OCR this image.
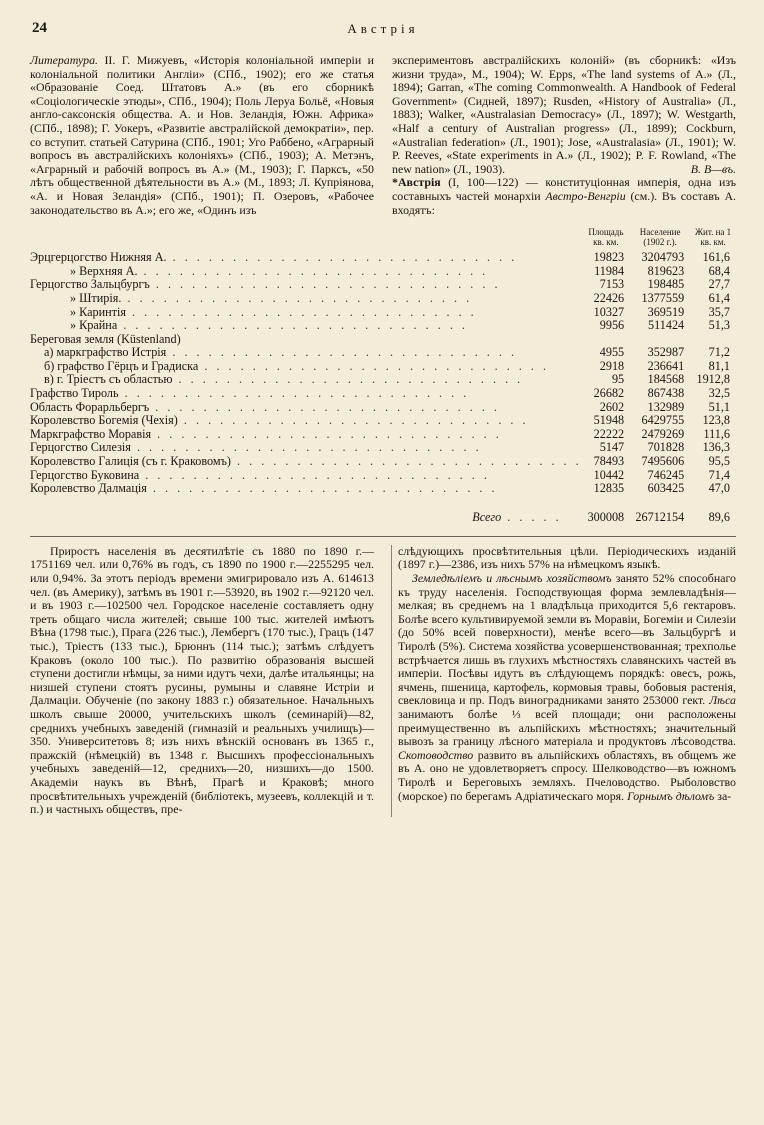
24	Австрія

Литература. II. Г. Мижуевъ, «Исторія колоніальной имперіи и колоніальной политики Англіи» (СПб., 1902); его же статья «Образованіе Соед. Штатовъ А.» (въ его сборникѣ «Соціологическіе этюды», СПб., 1904); Поль Леруа Больё, «Новыя англо-саксонскія общества. А. и Нов. Зеландія, Южн. Африка» (СПб., 1898); Г. Уокеръ, «Развитіе австралійской демократіи», пер. со вступит. статьей Сатурина (СПб., 1901; Уго Раббено, «Аграрный вопросъ въ австралійскихъ колоніяхъ» (СПб., 1903); А. Метэнъ, «Аграрный и рабочій вопросъ въ А.» (М., 1903); Г. Парксъ, «50 лѣтъ общественной дѣятельности въ А.» (М., 1893; Л. Купріянова, «А. и Новая Зеландія» (СПб., 1901); П. Озеровъ, «Рабочее законодательство въ А.»; его же, «Одинъ изъ

экспериментовъ австралійскихъ колоній» (въ сборникѣ: «Изъ жизни труда», М., 1904); W. Epps, «The land systems of A.» (Л., 1894); Garran, «The coming Commonwealth. A Handbook of Federal Government» (Сидней, 1897); Rusden, «History of Australia» (Л., 1883); Walker, «Australasian Democracy» (Л., 1897); W. Westgarth, «Half a century of Australian progress» (Л., 1899); Cockburn, «Australian federation» (Л., 1901); Jose, «Australasia» (Л., 1901); W. P. Reeves, «State experiments in A.» (Л., 1902); P. F. Rowland, «The new nation» (Л., 1903).	В. В—въ.

*Австрія (I, 100—122) — конституціонная имперія, одна изъ составныхъ частей монархіи Австро-Венгріи (см.). Въ составъ А. входятъ:

	Площадь кв. км.	Население (1902 г.).	Жит. на 1 кв. км.
Эрцгерцогство Нижняя А. . . . . . . . . . . . . . . . . . . . . . . . . . . . . .	19823	3204793	161,6
» Верхняя А. . . . . . . . . . . . . . . . . . . . . . . . . . . . . .	11984	819623	68,4
Герцогство Зальцбургъ . . . . . . . . . . . . . . . . . . . . . . . . . . . . .	7153	198485	27,7
» Штирія. . . . . . . . . . . . . . . . . . . . . . . . . . . . . .	22426	1377559	61,4
» Каринтія . . . . . . . . . . . . . . . . . . . . . . . . . . . . .	10327	369519	35,7
» Крайна . . . . . . . . . . . . . . . . . . . . . . . . . . . . .	9956	511424	51,3
Береговая земля (Küstenland)			
а) маркграфство Истрія . . . . . . . . . . . . . . . . . . . . . . . . . . . . .	4955	352987	71,2
б) графство Гёрцъ и Градиска . . . . . . . . . . . . . . . . . . . . . . . . . . . . .	2918	236641	81,1
в) г. Тріестъ съ областью . . . . . . . . . . . . . . . . . . . . . . . . . . . . .	95	184568	1912,8
Графство Тироль . . . . . . . . . . . . . . . . . . . . . . . . . . . . .	26682	867438	32,5
Область Форарльбергъ . . . . . . . . . . . . . . . . . . . . . . . . . . . . .	2602	132989	51,1
Королевство Богемія (Чехія) . . . . . . . . . . . . . . . . . . . . . . . . . . . . .	51948	6429755	123,8
Маркграфство Моравія . . . . . . . . . . . . . . . . . . . . . . . . . . . . .	22222	2479269	111,6
Герцогство Силезія . . . . . . . . . . . . . . . . . . . . . . . . . . . . .	5147	701828	136,3
Королевство Галиція (съ г. Краковомъ) . . . . . . . . . . . . . . . . . . . . . . . . . . . . .	78493	7495606	95,5
Герцогство Буковина . . . . . . . . . . . . . . . . . . . . . . . . . . . . .	10442	746245	71,4
Королевство Далмація . . . . . . . . . . . . . . . . . . . . . . . . . . . . .	12835	603425	47,0
Всего . . . . .	300008	26712154	89,6

Приростъ населенія въ десятилѣтіе съ 1880 по 1890 г.—1751169 чел. или 0,76% въ годъ, съ 1890 по 1900 г.—2255295 чел. или 0,94%. За этотъ періодъ времени эмигрировало изъ А. 614613 чел. (въ Америку), затѣмъ въ 1901 г.—53920, въ 1902 г.—92120 чел. и въ 1903 г.—102500 чел. Городское населеніе составляетъ одну треть общаго числа жителей; свыше 100 тыс. жителей имѣютъ Вѣна (1798 тыс.), Прага (226 тыс.), Лембергъ (170 тыс.), Грацъ (147 тыс.), Тріестъ (133 тыс.), Брюннъ (114 тыс.); затѣмъ слѣдуетъ Краковъ (около 100 тыс.). По развитію образованія высшей ступени достигли нѣмцы, за ними идутъ чехи, далѣе итальянцы; на низшей ступени стоятъ русины, румыны и славяне Истріи и Далмаціи. Обученіе (по закону 1883 г.) обязательное. Начальныхъ школъ свыше 20000, учительскихъ школъ (семинарій)—82, среднихъ учебныхъ заведеній (гимназій и реальныхъ училищъ)—350. Университетовъ 8; изъ нихъ вѣнскій основанъ въ 1365 г., пражскій (нѣмецкій) въ 1348 г. Высшихъ профессіональныхъ учебныхъ заведеній—12, среднихъ—20, низшихъ—до 1500. Академіи наукъ въ Вѣнѣ, Прагѣ и Краковѣ; много просвѣтительныхъ учрежденій (библіотекъ, музеевъ, коллекцій и т. п.) и частныхъ обществъ, пре-

слѣдующихъ просвѣтительныя цѣли. Періодическихъ изданій (1897 г.)—2386, изъ нихъ 57% на нѣмецкомъ языкѣ.

Земледѣліемъ и лѣснымъ хозяйствомъ занято 52% способнаго къ труду населенія. Господствующая форма землевладѣнія—мелкая; въ среднемъ на 1 владѣльца приходится 5,6 гектаровъ. Болѣе всего культивируемой земли въ Моравіи, Богеміи и Силезіи (до 50% всей поверхности), менѣе всего—въ Зальцбургѣ и Тиролѣ (5%). Система хозяйства усовершенствованная; трехполье встрѣчается лишь въ глухихъ мѣстностяхъ славянскихъ частей въ имперіи. Посѣвы идутъ въ слѣдующемъ порядкѣ: овесъ, рожь, ячмень, пшеница, картофель, кормовыя травы, бобовыя растенія, свекловица и пр. Подъ виноградниками занято 253000 гект. Лѣса занимаютъ болѣе ⅓ всей площади; они расположены преимущественно въ альпійскихъ мѣстностяхъ; значительный вывозъ за границу лѣсного матеріала и продуктовъ лѣсоводства. Скотоводство развито въ альпійскихъ областяхъ, въ общемъ же въ А. оно не удовлетворяетъ спросу. Шелководство—въ южномъ Тиролѣ и Береговыхъ земляхъ. Пчеловодство. Рыболовство (морское) по берегамъ Адріатическаго моря. Горнымъ дѣломъ за-
